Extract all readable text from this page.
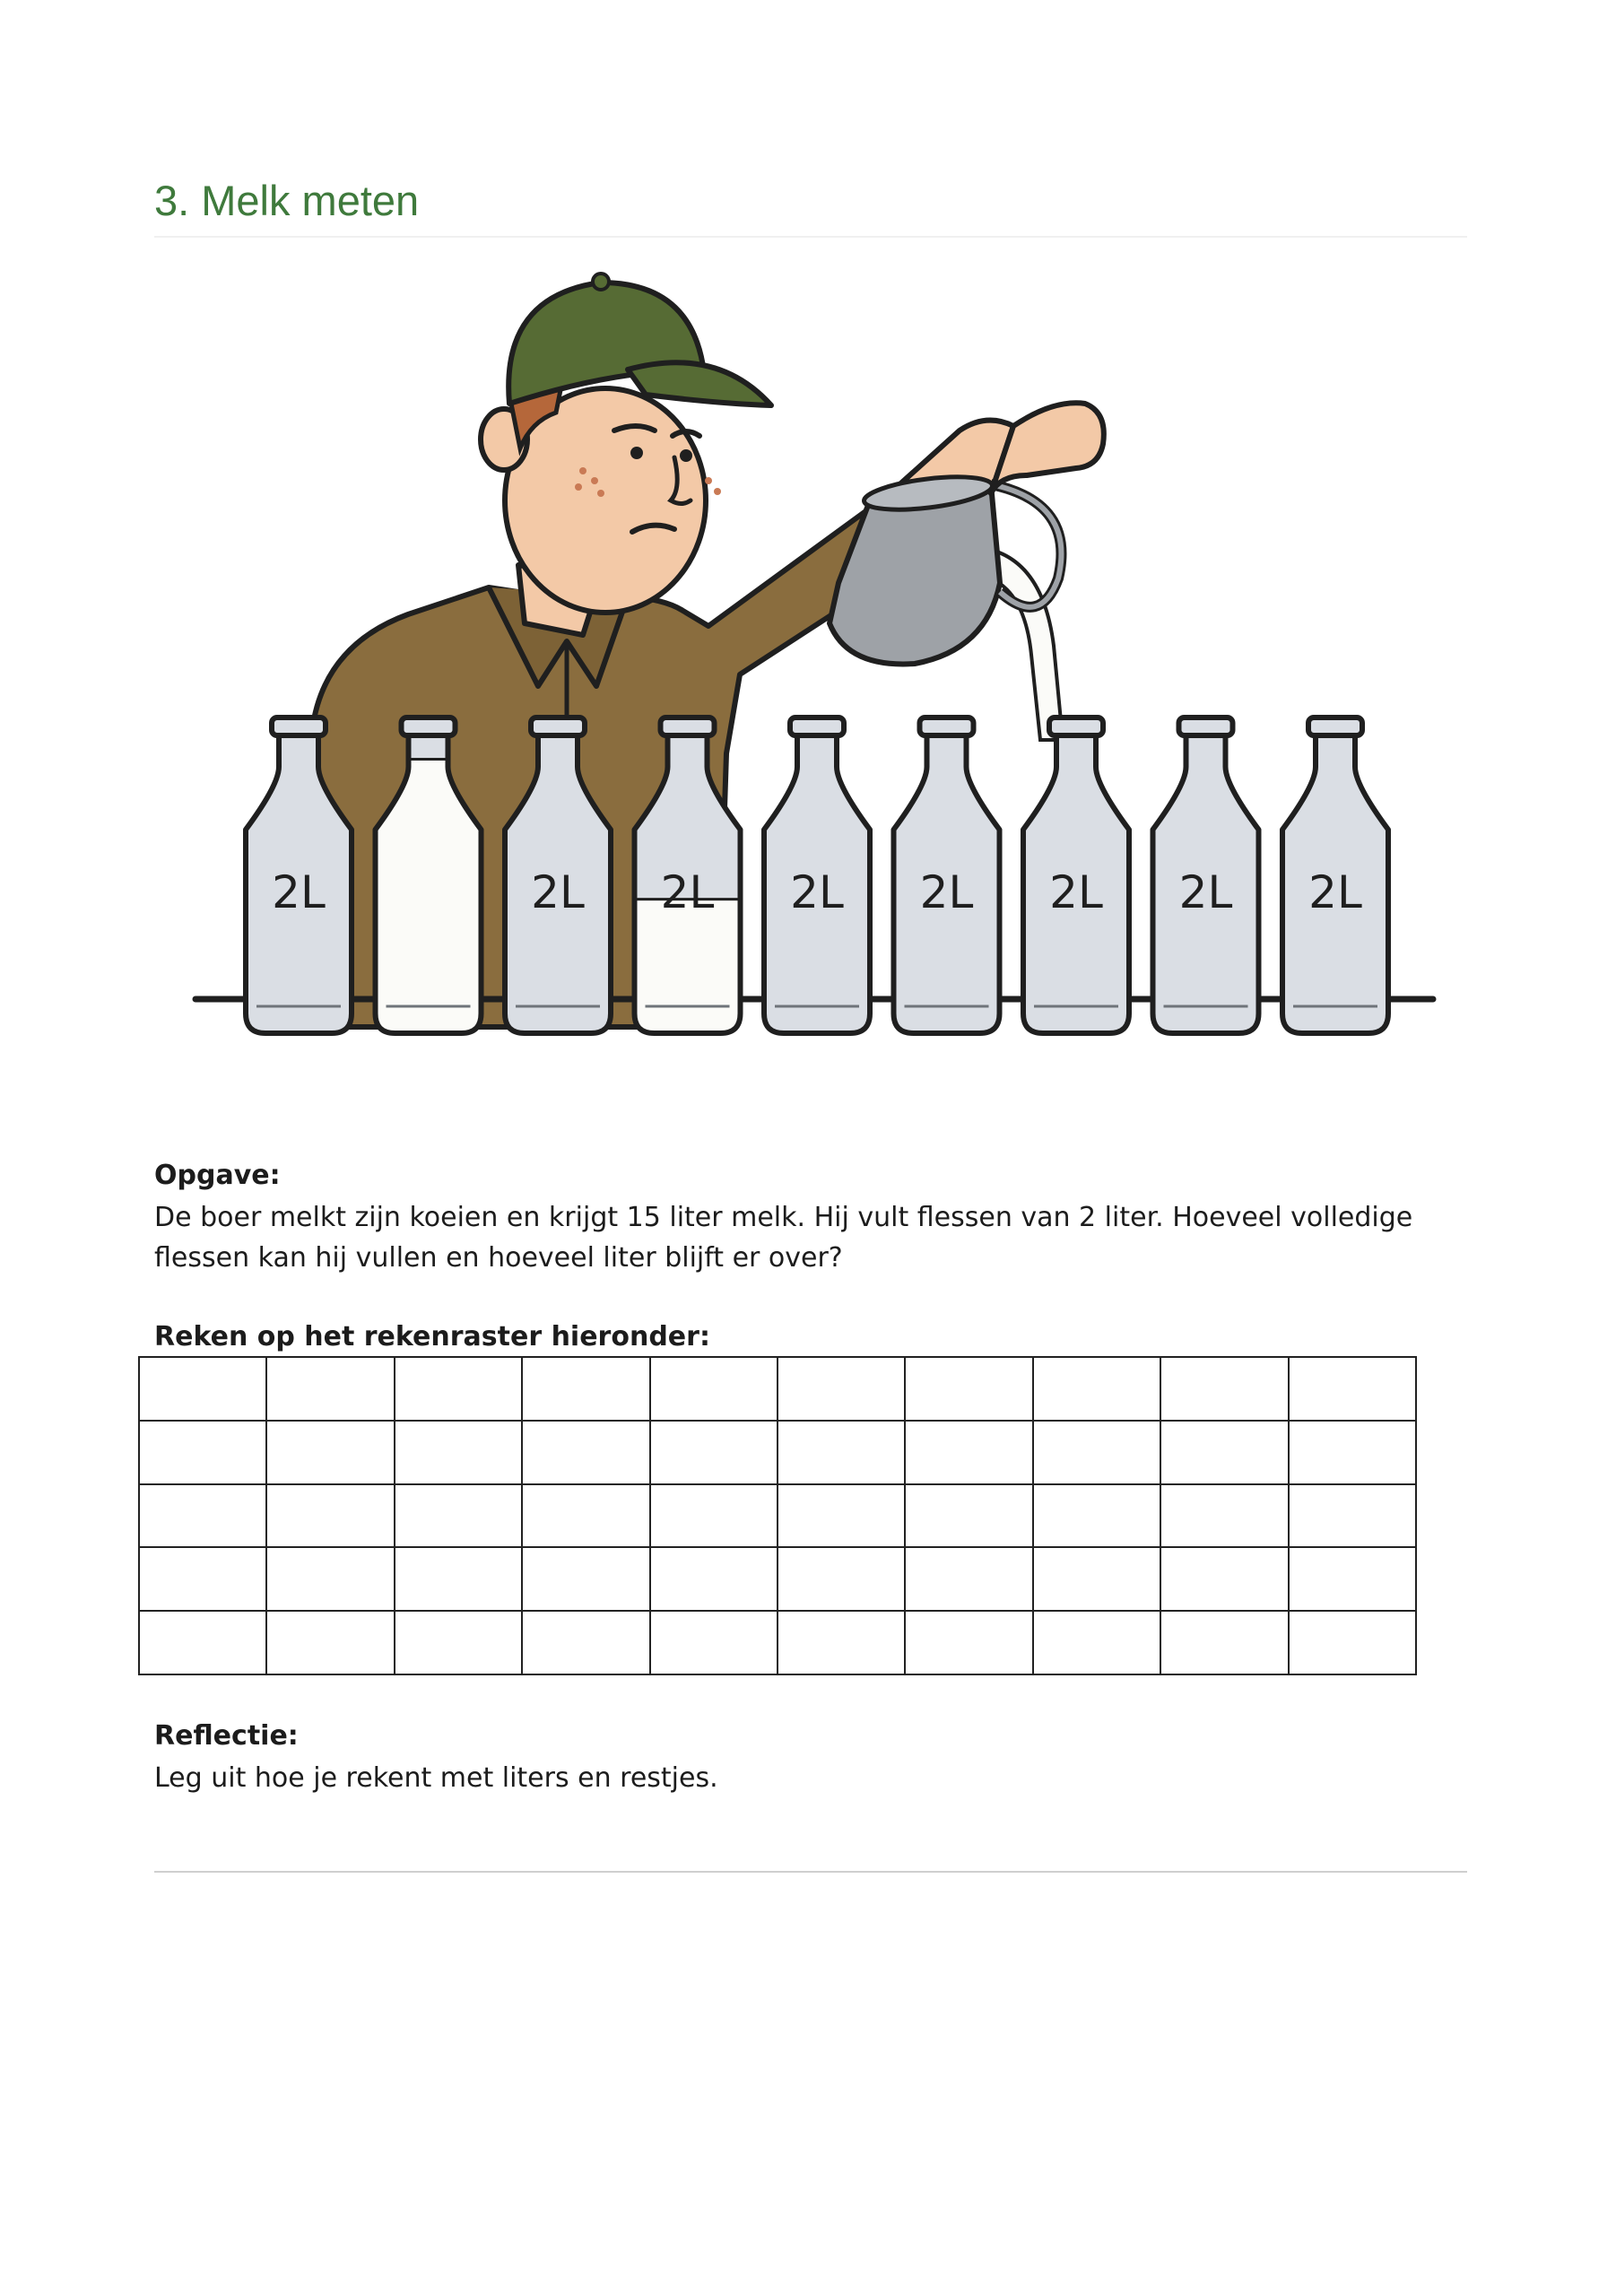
3. Melk meten
2L	2L 2L 2L 2L 2L 2L 2L
Opgave:

De boer melkt zijn koeien en krijgt 15 liter melk. Hij vult flessen van 2 liter. Hoeveel volledige

flessen kan hij vullen en hoeveel liter blijft er over?

Reken op het rekenraster hieronder:

Reflectie:

Leg uit hoe je rekent met liters en restjes.
